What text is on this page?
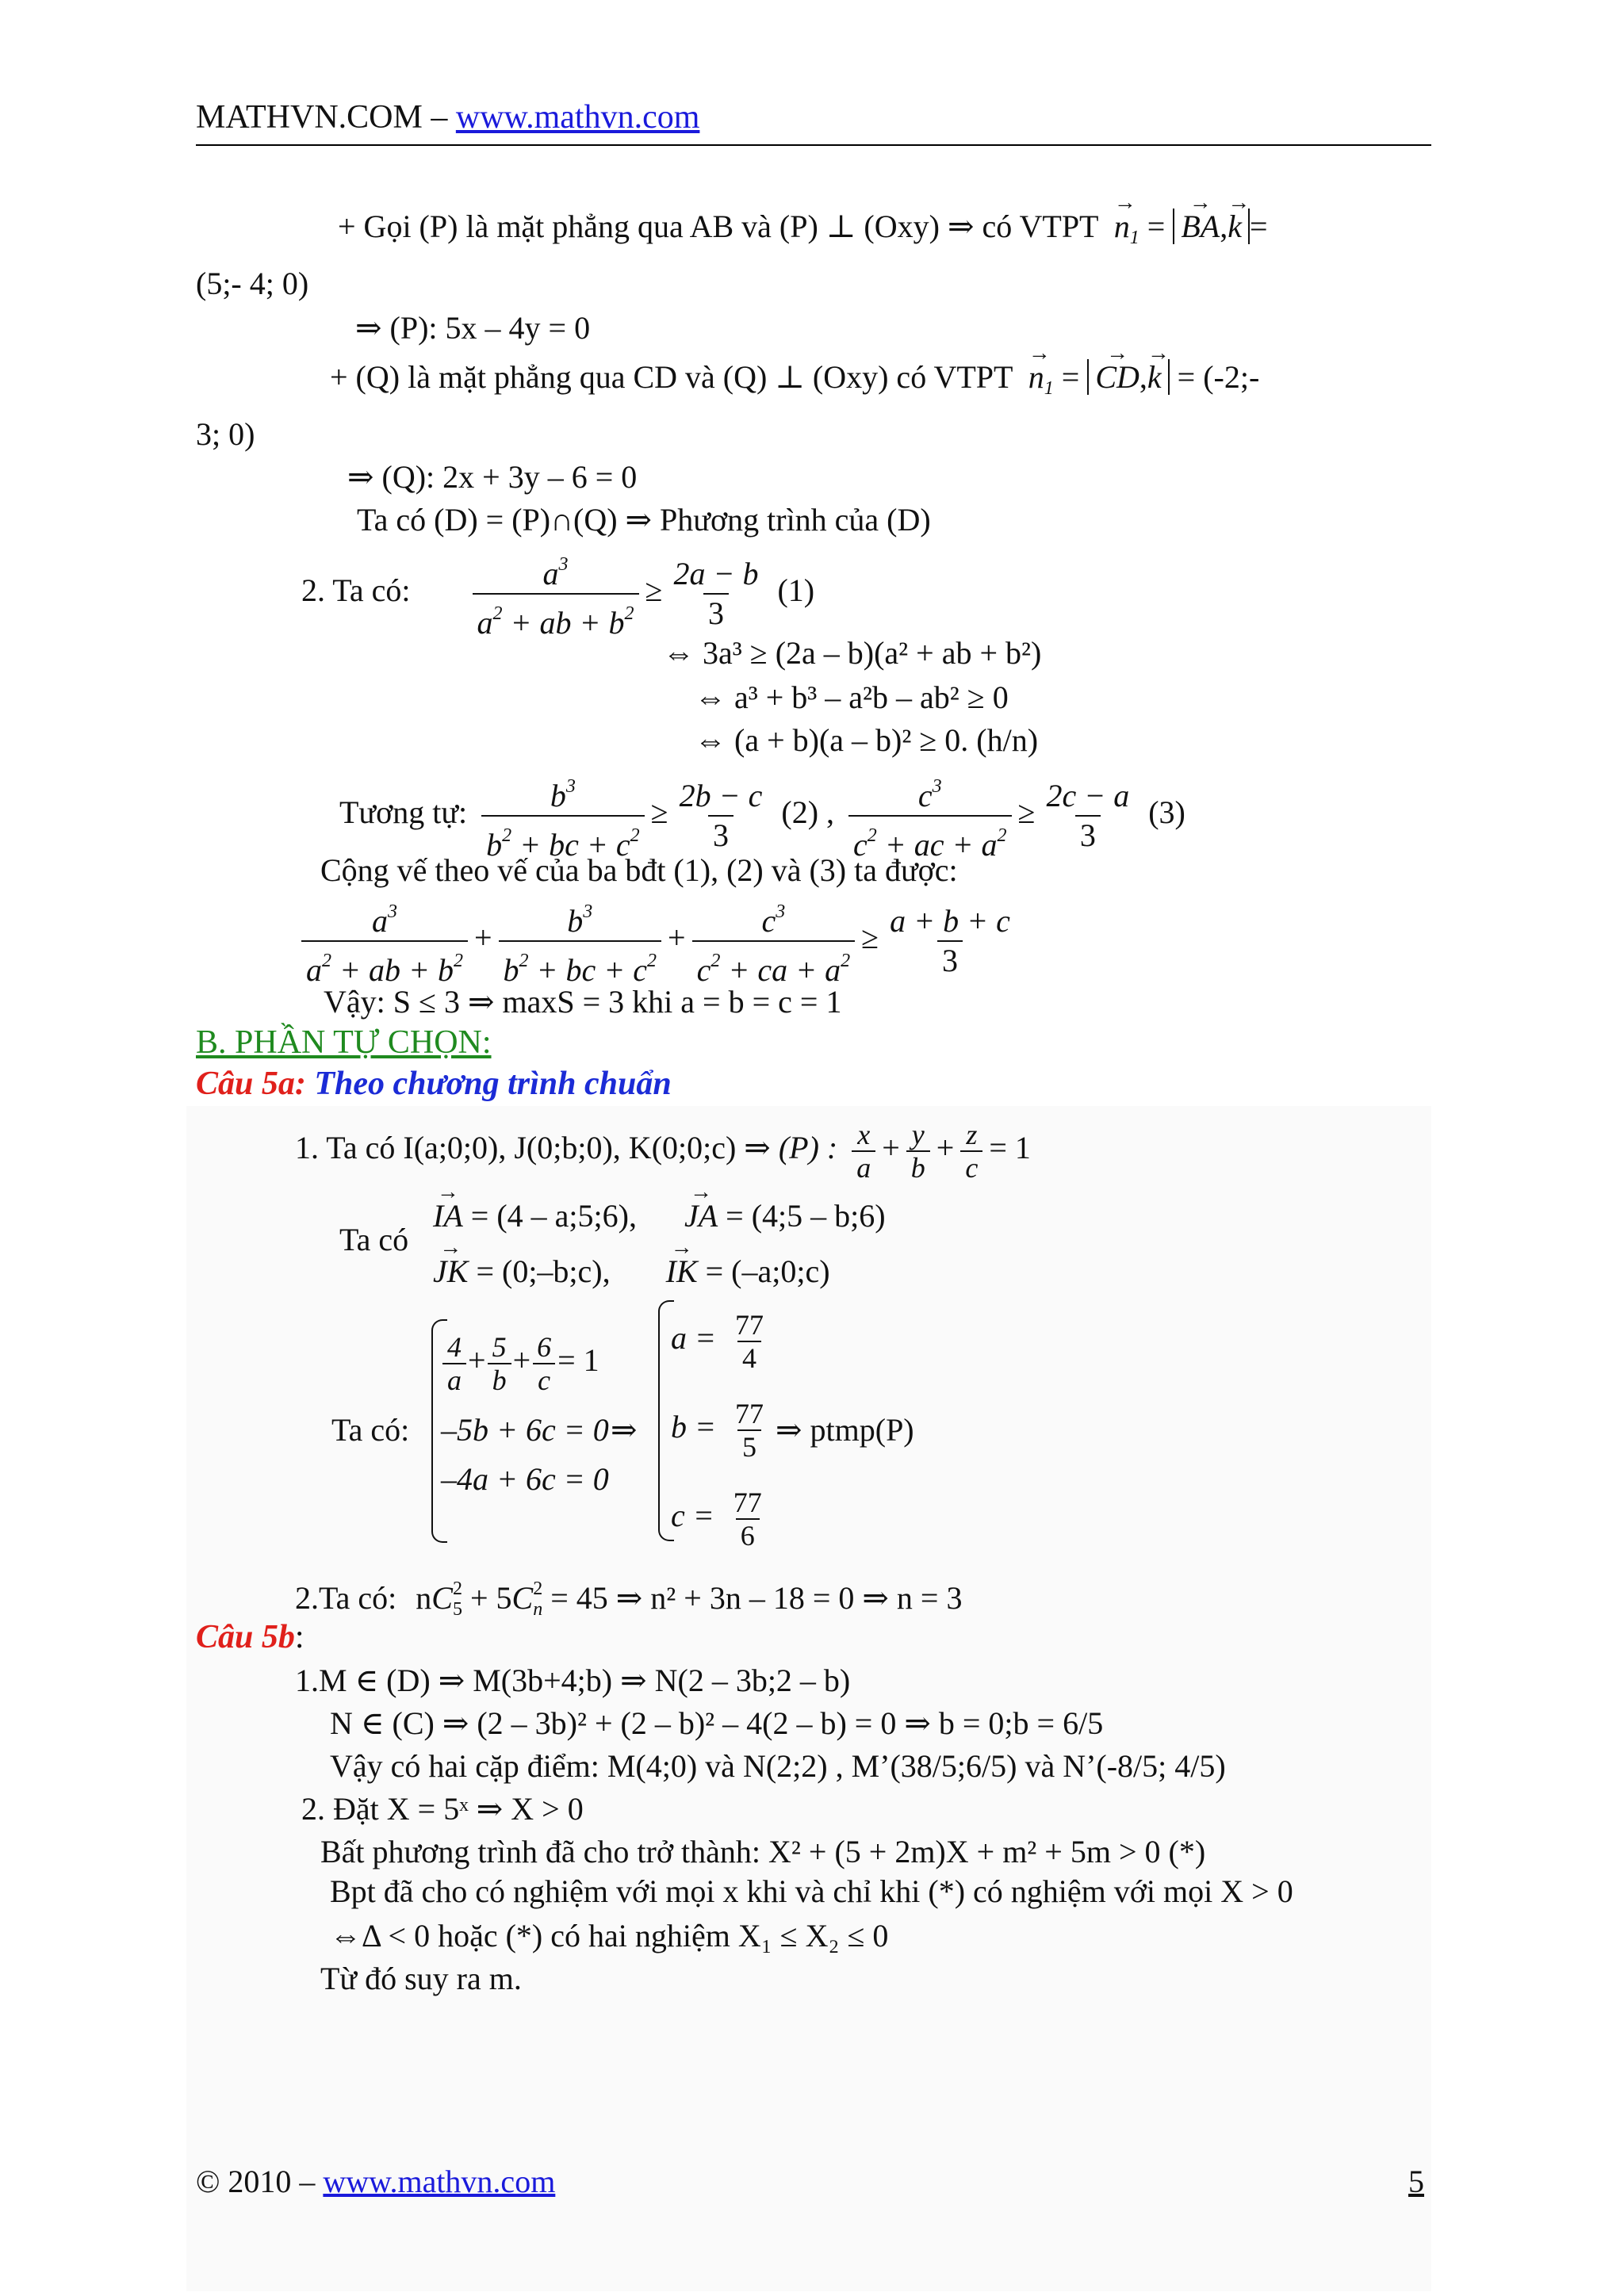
MATHVN.COM – www.mathvn.com
+ Gọi (P) là mặt phẳng qua AB và (P) ⊥ (Oxy) ⇒ có VTPT → $n_1$ = → BA,→ k =
(5;- 4; 0)
⇒ (P): 5x – 4y = 0
+ (Q) là mặt phẳng qua CD và (Q) ⊥ (Oxy) có VTPT → $n_1$ = → CD,→ k = (-2;-
3; 0)
⇒ (Q): 2x + 3y – 6 = 0
Ta có (D) = (P)∩(Q) ⇒ Phương trình của (D)
2. Ta có: $\frac{a^3}{a^2 + ab + b^2} \ge \frac{2a - b}{3} (1)$
⇔ 3a³ ≥ (2a – b)(a² + ab + b²)
⇔ a³ + b³ – a²b – ab² ≥ 0
⇔ (a + b)(a – b)² ≥ 0. (h/n)
Tương tự: $\frac{b^3}{b^2 + bc + c^2} \ge \frac{2b - c}{3} (2)$ , $\frac{c^3}{c^2 + ac + a^2} \ge \frac{2c - a}{3} (3)$
Cộng vế theo vế của ba bđt (1), (2) và (3) ta được:
$\frac{a^3}{a^2 + ab + b^2} + \frac{b^3}{b^2 + bc + c^2} + \frac{c^3}{c^2 + ca + a^2} \ge \frac{a + b + c}{3}$
Vậy: S ≤ 3 ⇒ maxS = 3 khi a = b = c = 1
B. PHẦN TỰ CHỌN:
Câu 5a: Theo chương trình chuẩn
1. Ta có I(a;0;0), J(0;b;0), K(0;0;c) ⇒ (P) : $\frac{x}{a} + \frac{y}{b} + \frac{z}{c} = 1$
Ta có
→ IA = (4 – a;5;6), → JA = (4;5 – b;6)
→ JK = (0;–b;c), → IK = (–a;0;c)
Ta có:
$\frac{4}{a} + \frac{5}{b} + \frac{6}{c} = 1$
–5b + 6c = 0
–4a + 6c = 0
⇒
$a = \frac{77}{4}$
$b = \frac{77}{5}$
$c = \frac{77}{6}$
⇒ ptmp(P)
2.Ta có: $nC_5^2 + 5C_n^2 = 45$ ⇒ n² + 3n – 18 = 0 ⇒ n = 3
Câu 5b:
1.M ∈ (D) ⇒ M(3b+4;b) ⇒ N(2 – 3b;2 – b)
N ∈ (C) ⇒ (2 – 3b)² + (2 – b)² – 4(2 – b) = 0 ⇒ b = 0;b = 6/5
Vậy có hai cặp điểm: M(4;0) và N(2;2) , M’(38/5;6/5) và N’(-8/5; 4/5)
2. Đặt X = 5ˣ ⇒ X > 0
Bất phương trình đã cho trở thành: X² + (5 + 2m)X + m² + 5m > 0 (*)
Bpt đã cho có nghiệm với mọi x khi và chỉ khi (*) có nghiệm với mọi X > 0
⇔Δ < 0 hoặc (*) có hai nghiệm X₁ ≤ X₂ ≤ 0
Từ đó suy ra m.
© 2010 – www.mathvn.com	5
